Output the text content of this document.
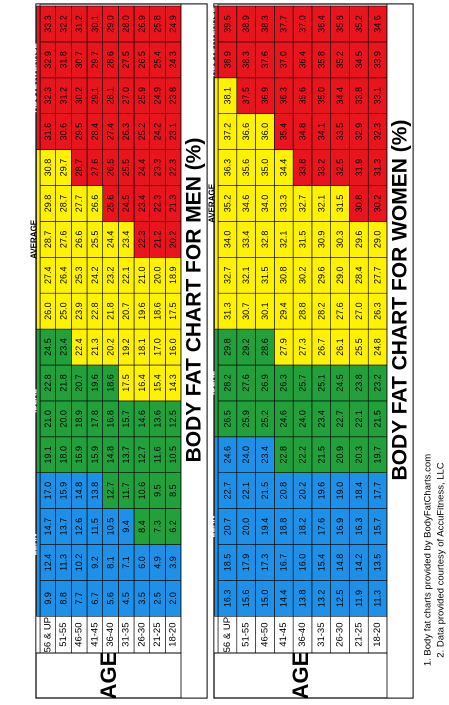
2.0
3.9
6.2
8.5
10.5
12.5
14.3
16.0
17.5
18.9
20.2
21.3
22.3
23.1
23.8
24.3
24.9
2.5
4.9
7.3
9.5
11.6
13.6
15.4
17.0
18.6
20.0
21.2
22.3
23.3
24.2
24.9
25.4
25.8
3.5
6.0
8.4
10.6
12.7
14.6
16.4
18.1
19.6
21.0
22.3
23.4
24.4
25.2
25.9
26.5
26.9
4.5
7.1
9.4
11.7
13.7
15.7
17.5
19.2
20.7
22.1
23.4
24.5
25.5
26.3
27.0
27.5
28.0
5.6
8.1
10.5
12.7
14.8
16.8
18.6
20.2
21.8
23.2
24.4
25.6
26.5
27.4
28.1
28.6
29.0
6.7
9.2
11.5
13.8
15.9
17.8
19.6
21.3
22.8
24.2
25.5
26.6
27.6
28.4
29.1
29.7
30.1
7.7
10.2
12.6
14.8
16.9
18.9
20.7
22.4
23.9
25.3
26.6
27.7
28.7
29.5
30.2
30.7
31.2
8.8
11.3
13.7
15.9
18.0
20.0
21.8
23.4
25.0
26.4
27.6
28.7
29.7
30.6
31.2
31.8
32.2
9.9
12.4
14.7
17.0
19.1
21.0
22.8
24.5
26.0
27.4
28.7
29.8
30.8
31.6
32.3
32.9
33.3
18-20
21-25
26-30
31-35
36-40
41-45
46-50
51-55
56 & UP
AGE
BODY FAT CHART FOR MEN (%)
LEAN
IDEAL
AVERAGE
ABOVE AVERAGE
11.3
13.5
15.7
17.7
19.7
21.5
23.2
24.8
26.3
27.7
29.0
30.2
31.3
32.3
33.1
33.9
34.6
11.9
14.2
16.3
18.4
20.3
22.1
23.8
25.5
27.0
28.4
29.6
30.8
31.9
32.9
33.8
34.5
35.2
12.5
14.8
16.9
19.0
20.9
22.7
24.5
26.1
27.6
29.0
30.3
31.5
32.5
33.5
34.4
35.2
35.8
13.2
15.4
17.6
19.6
21.5
23.4
25.1
26.7
28.2
29.6
30.9
32.1
33.2
34.1
35.0
35.8
36.4
13.8
16.0
18.2
20.2
22.2
24.0
25.7
27.3
28.8
30.2
31.5
32.7
33.8
34.8
35.6
36.4
37.0
14.4
16.7
18.8
20.8
22.8
24.6
26.3
27.9
29.4
30.8
32.1
33.3
34.4
35.4
36.3
37.0
37.7
15.0
17.3
19.4
21.5
23.4
25.2
26.9
28.6
30.1
31.5
32.8
34.0
35.0
36.0
36.9
37.6
38.3
15.6
17.9
20.0
22.1
24.0
25.9
27.6
29.2
30.7
32.1
33.4
34.6
35.6
36.6
37.5
38.3
38.9
16.3
18.5
20.7
22.7
24.6
26.5
28.2
29.8
31.3
32.7
34.0
35.2
36.3
37.2
38.1
38.9
39.5
18-20
21-25
26-30
31-35
36-40
41-45
46-50
51-55
56 & UP
AGE
BODY FAT CHART FOR WOMEN (%)
LEAN
IDEAL
AVERAGE
ABOVE AVERAGE
1. Body fat charts provided by BodyFatCharts.com 2. Data provided courtesy of AccuFitness, LLC
